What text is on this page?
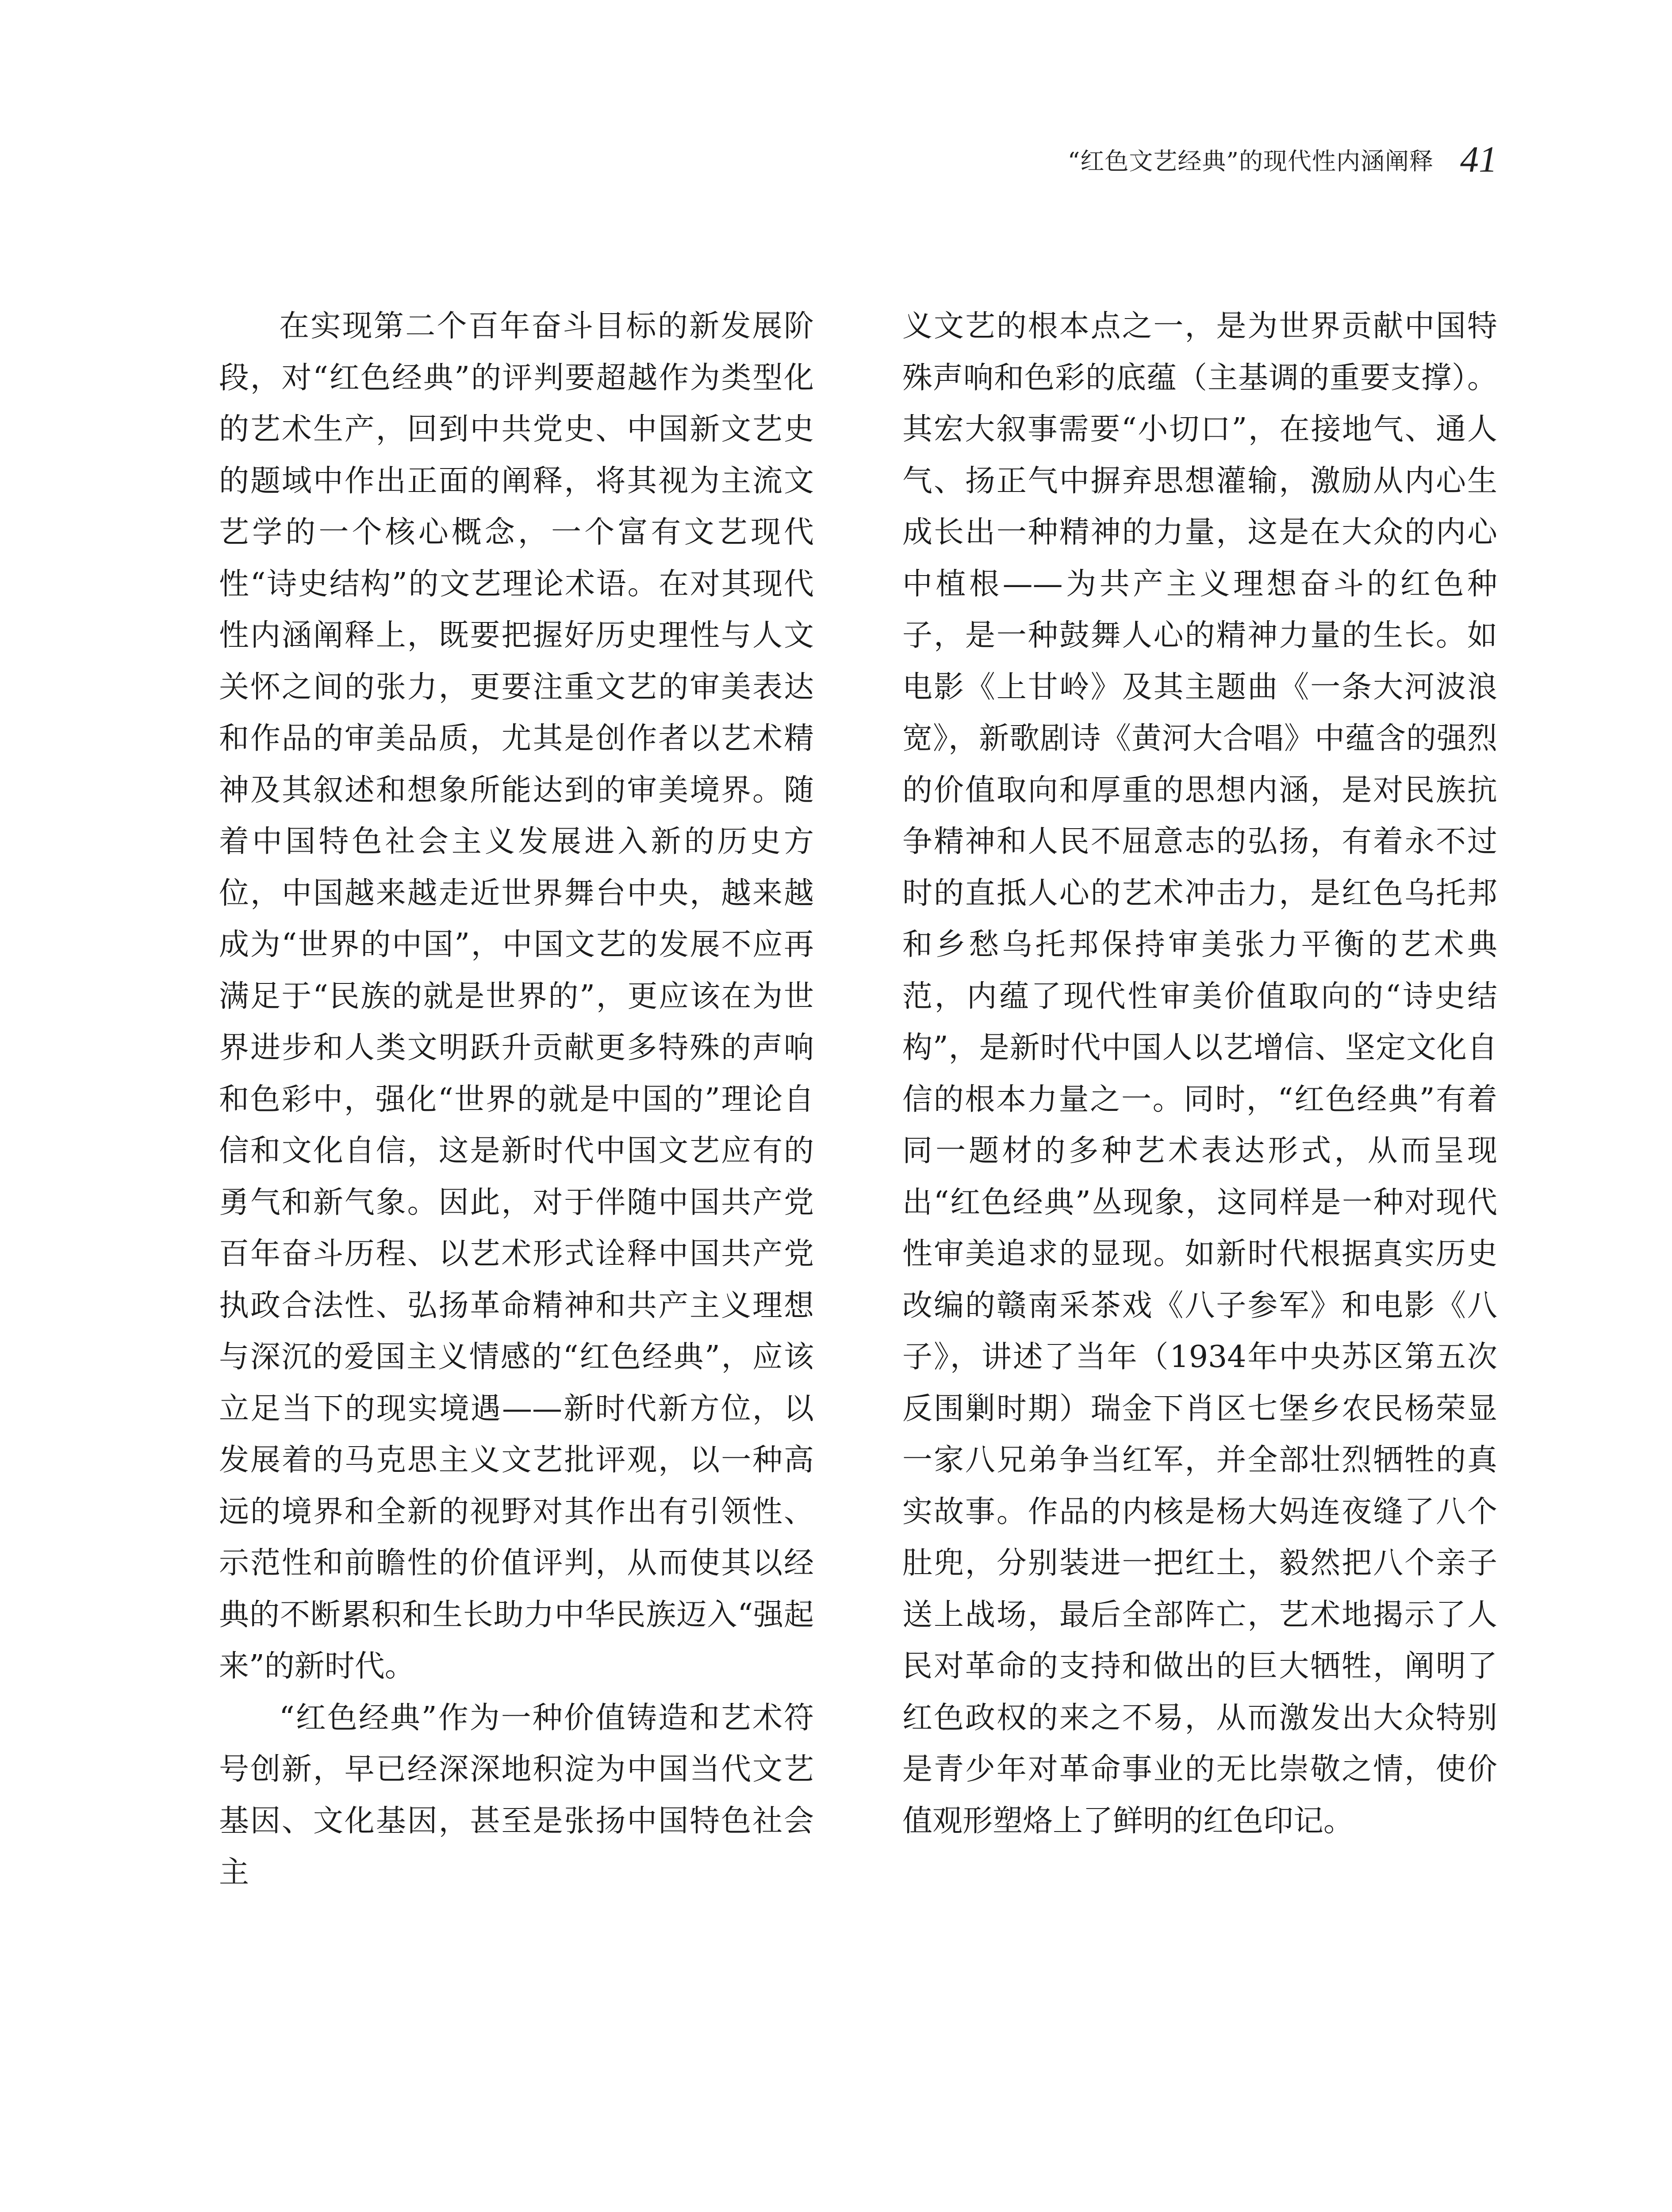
“红色文艺经典”的现代性内涵阐释 41

在实现第二个百年奋斗目标的新发展阶段，对“红色经典”的评判要超越作为类型化的艺术生产，回到中共党史、中国新文艺史的题域中作出正面的阐释，将其视为主流文艺学的一个核心概念，一个富有文艺现代性“诗史结构”的文艺理论术语。在对其现代性内涵阐释上，既要把握好历史理性与人文关怀之间的张力，更要注重文艺的审美表达和作品的审美品质，尤其是创作者以艺术精神及其叙述和想象所能达到的审美境界。随着中国特色社会主义发展进入新的历史方位，中国越来越走近世界舞台中央，越来越成为“世界的中国”，中国文艺的发展不应再满足于“民族的就是世界的”，更应该在为世界进步和人类文明跃升贡献更多特殊的声响和色彩中，强化“世界的就是中国的”理论自信和文化自信，这是新时代中国文艺应有的勇气和新气象。因此，对于伴随中国共产党百年奋斗历程、以艺术形式诠释中国共产党执政合法性、弘扬革命精神和共产主义理想与深沉的爱国主义情感的“红色经典”，应该立足当下的现实境遇——新时代新方位，以发展着的马克思主义文艺批评观，以一种高远的境界和全新的视野对其作出有引领性、示范性和前瞻性的价值评判，从而使其以经典的不断累积和生长助力中华民族迈入“强起来”的新时代。

“红色经典”作为一种价值铸造和艺术符号创新，早已经深深地积淀为中国当代文艺基因、文化基因，甚至是张扬中国特色社会主

义文艺的根本点之一，是为世界贡献中国特殊声响和色彩的底蕴（主基调的重要支撑）。其宏大叙事需要“小切口”，在接地气、通人气、扬正气中摒弃思想灌输，激励从内心生成长出一种精神的力量，这是在大众的内心中植根——为共产主义理想奋斗的红色种子，是一种鼓舞人心的精神力量的生长。如电影《上甘岭》及其主题曲《一条大河波浪宽》，新歌剧诗《黄河大合唱》中蕴含的强烈的价值取向和厚重的思想内涵，是对民族抗争精神和人民不屈意志的弘扬，有着永不过时的直抵人心的艺术冲击力，是红色乌托邦和乡愁乌托邦保持审美张力平衡的艺术典范，内蕴了现代性审美价值取向的“诗史结构”，是新时代中国人以艺增信、坚定文化自信的根本力量之一。同时，“红色经典”有着同一题材的多种艺术表达形式，从而呈现出“红色经典”丛现象，这同样是一种对现代性审美追求的显现。如新时代根据真实历史改编的赣南采茶戏《八子参军》和电影《八子》，讲述了当年（1934年中央苏区第五次反围剿时期）瑞金下肖区七堡乡农民杨荣显一家八兄弟争当红军，并全部壮烈牺牲的真实故事。作品的内核是杨大妈连夜缝了八个肚兜，分别装进一把红土，毅然把八个亲子送上战场，最后全部阵亡，艺术地揭示了人民对革命的支持和做出的巨大牺牲，阐明了红色政权的来之不易，从而激发出大众特别是青少年对革命事业的无比崇敬之情，使价值观形塑烙上了鲜明的红色印记。
